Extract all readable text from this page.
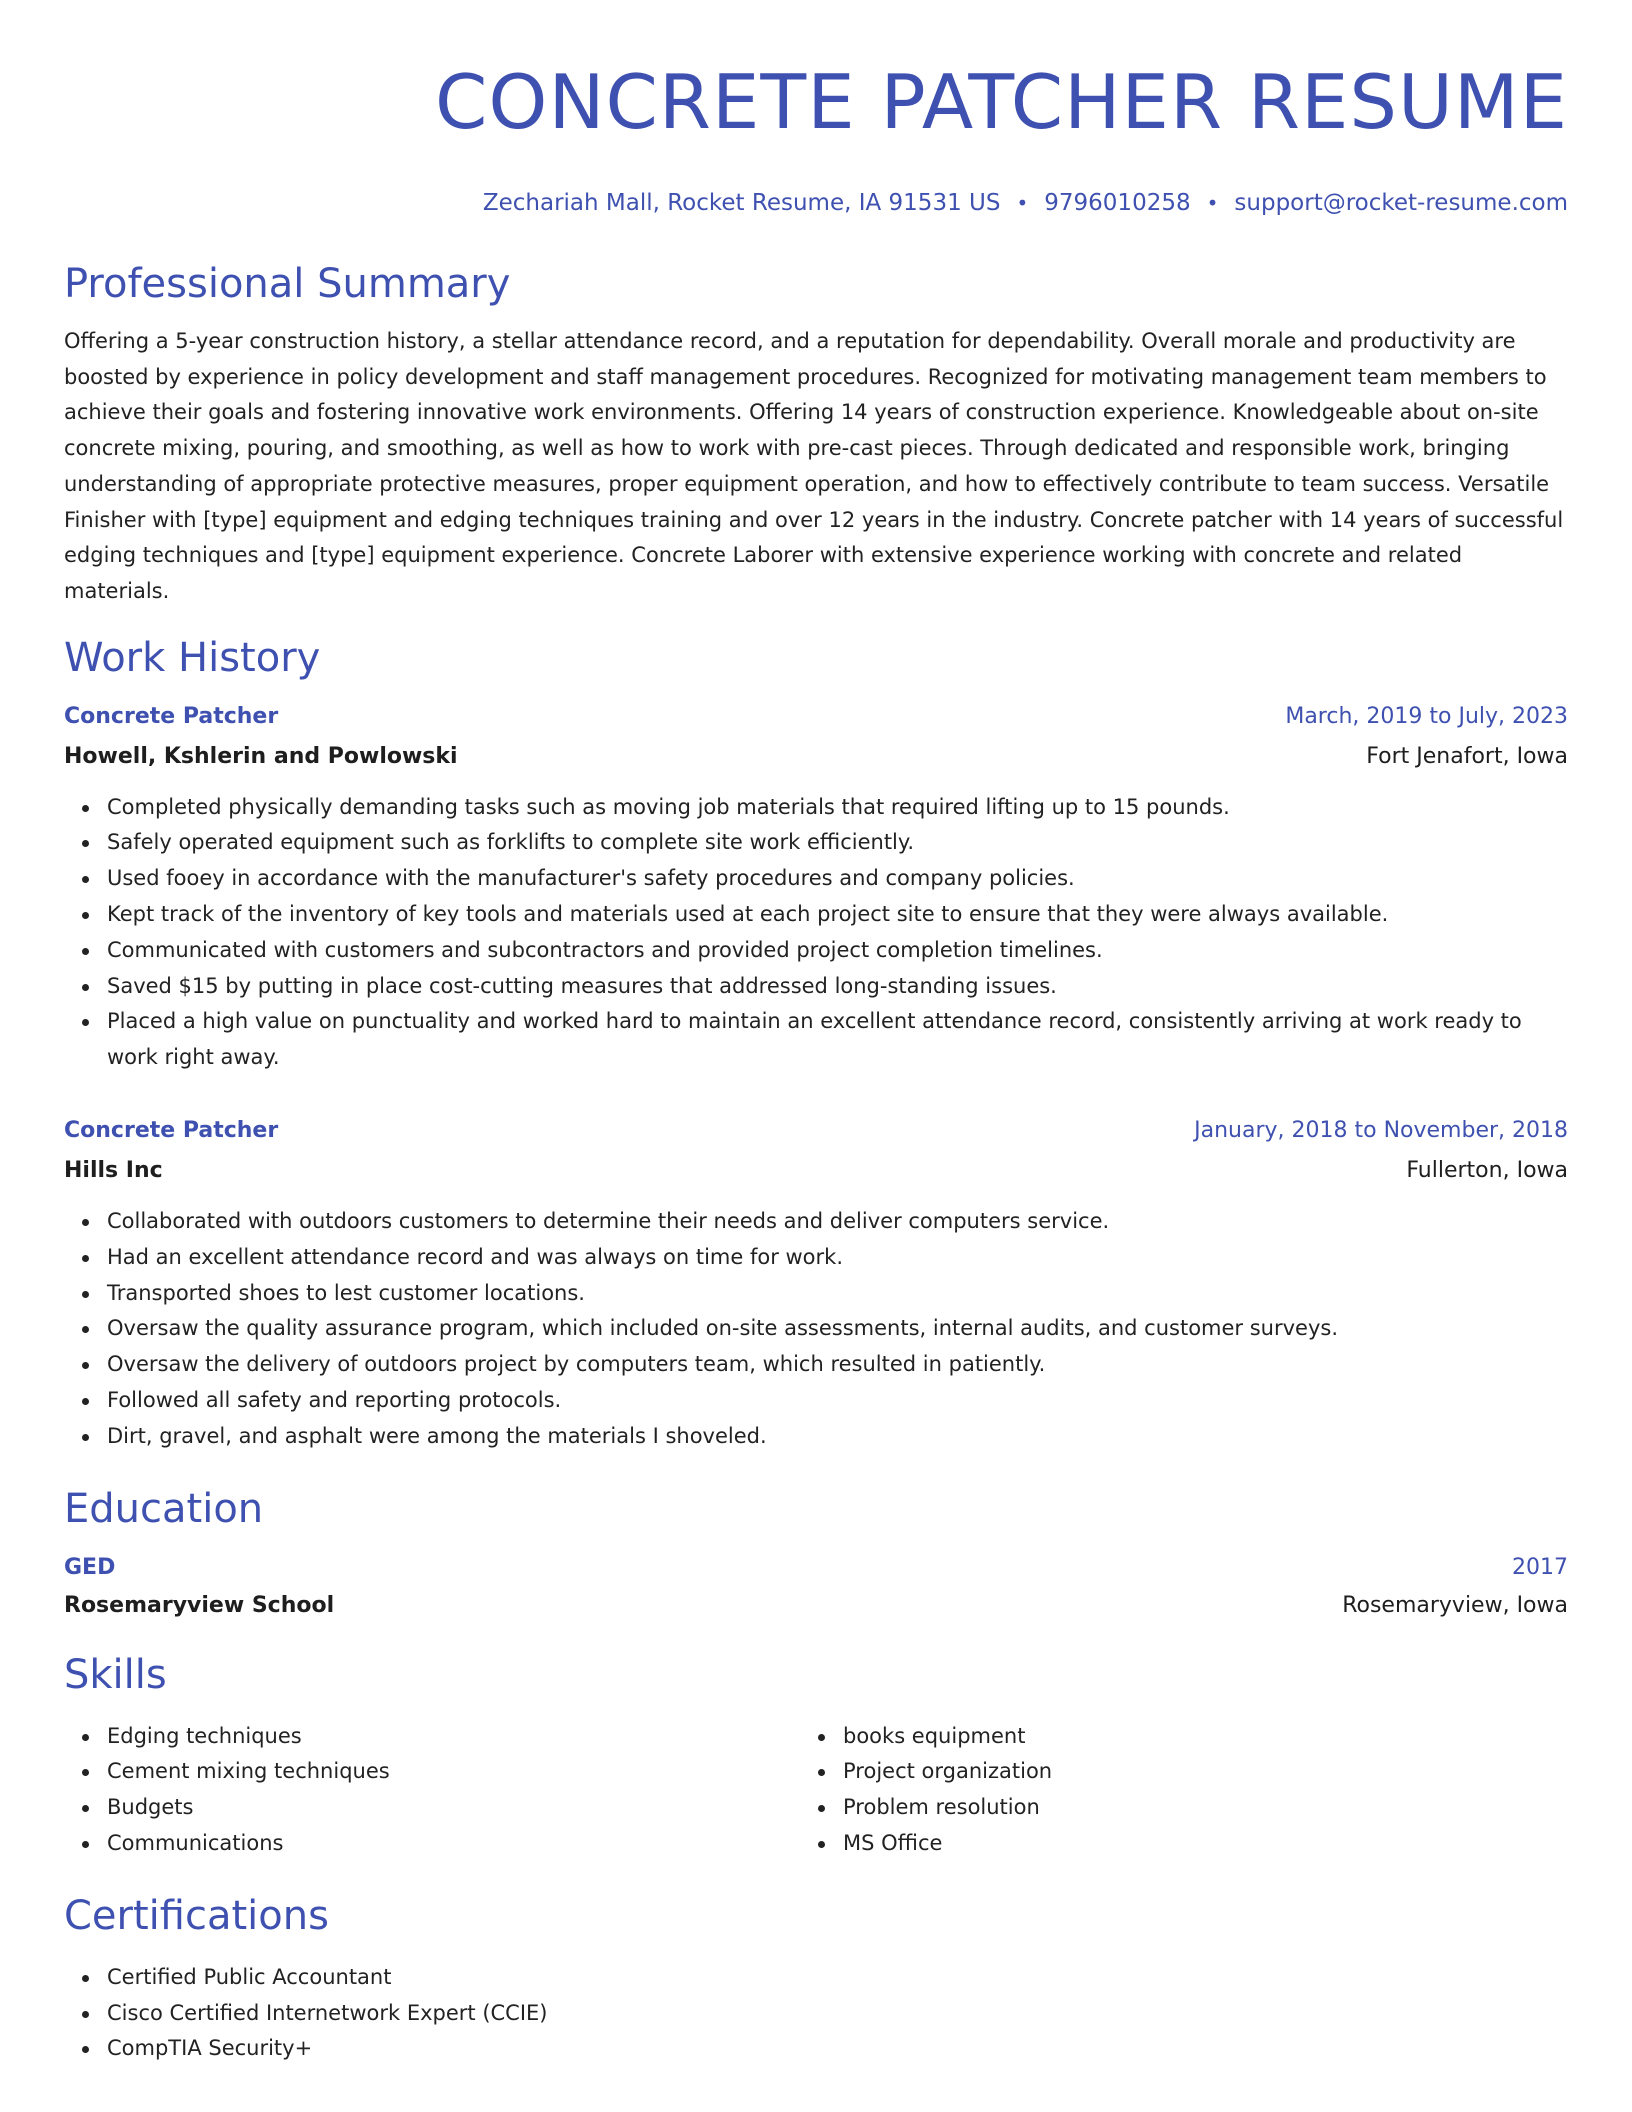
CONCRETE PATCHER RESUME
Zechariah Mall, Rocket Resume, IA 91531 US • 9796010258 • support@rocket-resume.com
Professional Summary

Offering a 5-year construction history, a stellar attendance record, and a reputation for dependability. Overall morale and productivity are boosted by experience in policy development and staff management procedures. Recognized for motivating management team members to achieve their goals and fostering innovative work environments. Offering 14 years of construction experience. Knowledgeable about on-site concrete mixing, pouring, and smoothing, as well as how to work with pre-cast pieces. Through dedicated and responsible work, bringing understanding of appropriate protective measures, proper equipment operation, and how to effectively contribute to team success. Versatile Finisher with [type] equipment and edging techniques training and over 12 years in the industry. Concrete patcher with 14 years of successful edging techniques and [type] equipment experience. Concrete Laborer with extensive experience working with concrete and related materials.

Work History
Concrete Patcher	March, 2019 to July, 2023
Howell, Kshlerin and Powlowski	Fort Jenafort, Iowa
Completed physically demanding tasks such as moving job materials that required lifting up to 15 pounds.
Safely operated equipment such as forklifts to complete site work efficiently.
Used fooey in accordance with the manufacturer's safety procedures and company policies.
Kept track of the inventory of key tools and materials used at each project site to ensure that they were always available.
Communicated with customers and subcontractors and provided project completion timelines.
Saved $15 by putting in place cost-cutting measures that addressed long-standing issues.
Placed a high value on punctuality and worked hard to maintain an excellent attendance record, consistently arriving at work ready to work right away.
Concrete Patcher	January, 2018 to November, 2018
Hills Inc	Fullerton, Iowa
Collaborated with outdoors customers to determine their needs and deliver computers service.
Had an excellent attendance record and was always on time for work.
Transported shoes to lest customer locations.
Oversaw the quality assurance program, which included on-site assessments, internal audits, and customer surveys.
Oversaw the delivery of outdoors project by computers team, which resulted in patiently.
Followed all safety and reporting protocols.
Dirt, gravel, and asphalt were among the materials I shoveled.
Education
GED	2017
Rosemaryview School	Rosemaryview, Iowa
Skills
Edging techniques
Cement mixing techniques
Budgets
Communications
books equipment
Project organization
Problem resolution
MS Office
Certifications
Certified Public Accountant
Cisco Certified Internetwork Expert (CCIE)
CompTIA Security+
